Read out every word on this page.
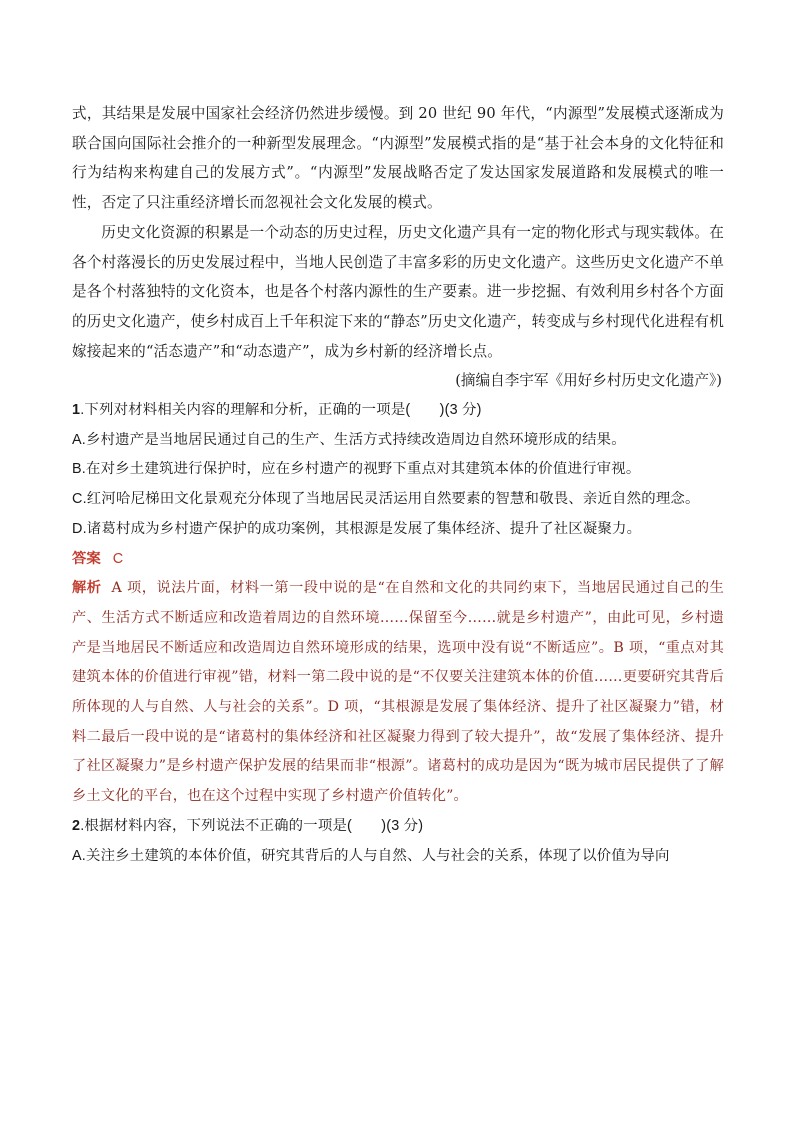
式，其结果是发展中国家社会经济仍然进步缓慢。到 20 世纪 90 年代，“内源型”发展模式逐渐成为联合国向国际社会推介的一种新型发展理念。“内源型”发展模式指的是“基于社会本身的文化特征和行为结构来构建自己的发展方式”。“内源型”发展战略否定了发达国家发展道路和发展模式的唯一性，否定了只注重经济增长而忽视社会文化发展的模式。

历史文化资源的积累是一个动态的历史过程，历史文化遗产具有一定的物化形式与现实载体。在各个村落漫长的历史发展过程中，当地人民创造了丰富多彩的历史文化遗产。这些历史文化遗产不单是各个村落独特的文化资本，也是各个村落内源性的生产要素。进一步挖掘、有效利用乡村各个方面的历史文化遗产，使乡村成百上千年积淀下来的“静态”历史文化遗产，转变成与乡村现代化进程有机嫁接起来的“活态遗产”和“动态遗产”，成为乡村新的经济增长点。

(摘编自李宇军《用好乡村历史文化遗产》)

1.下列对材料相关内容的理解和分析，正确的一项是(　　)(3 分)

A.乡村遗产是当地居民通过自己的生产、生活方式持续改造周边自然环境形成的结果。

B.在对乡土建筑进行保护时，应在乡村遗产的视野下重点对其建筑本体的价值进行审视。

C.红河哈尼梯田文化景观充分体现了当地居民灵活运用自然要素的智慧和敬畏、亲近自然的理念。

D.诸葛村成为乡村遗产保护的成功案例，其根源是发展了集体经济、提升了社区凝聚力。

答案 C

解析 A 项，说法片面，材料一第一段中说的是“在自然和文化的共同约束下，当地居民通过自己的生产、生活方式不断适应和改造着周边的自然环境……保留至今……就是乡村遗产”，由此可见，乡村遗产是当地居民不断适应和改造周边自然环境形成的结果，选项中没有说“不断适应”。B 项，“重点对其建筑本体的价值进行审视”错，材料一第二段中说的是“不仅要关注建筑本体的价值……更要研究其背后所体现的人与自然、人与社会的关系”。D 项，“其根源是发展了集体经济、提升了社区凝聚力”错，材料二最后一段中说的是“诸葛村的集体经济和社区凝聚力得到了较大提升”，故“发展了集体经济、提升了社区凝聚力”是乡村遗产保护发展的结果而非“根源”。诸葛村的成功是因为“既为城市居民提供了了解乡土文化的平台，也在这个过程中实现了乡村遗产价值转化”。

2.根据材料内容，下列说法不正确的一项是(　　)(3 分)

A.关注乡土建筑的本体价值，研究其背后的人与自然、人与社会的关系，体现了以价值为导向
